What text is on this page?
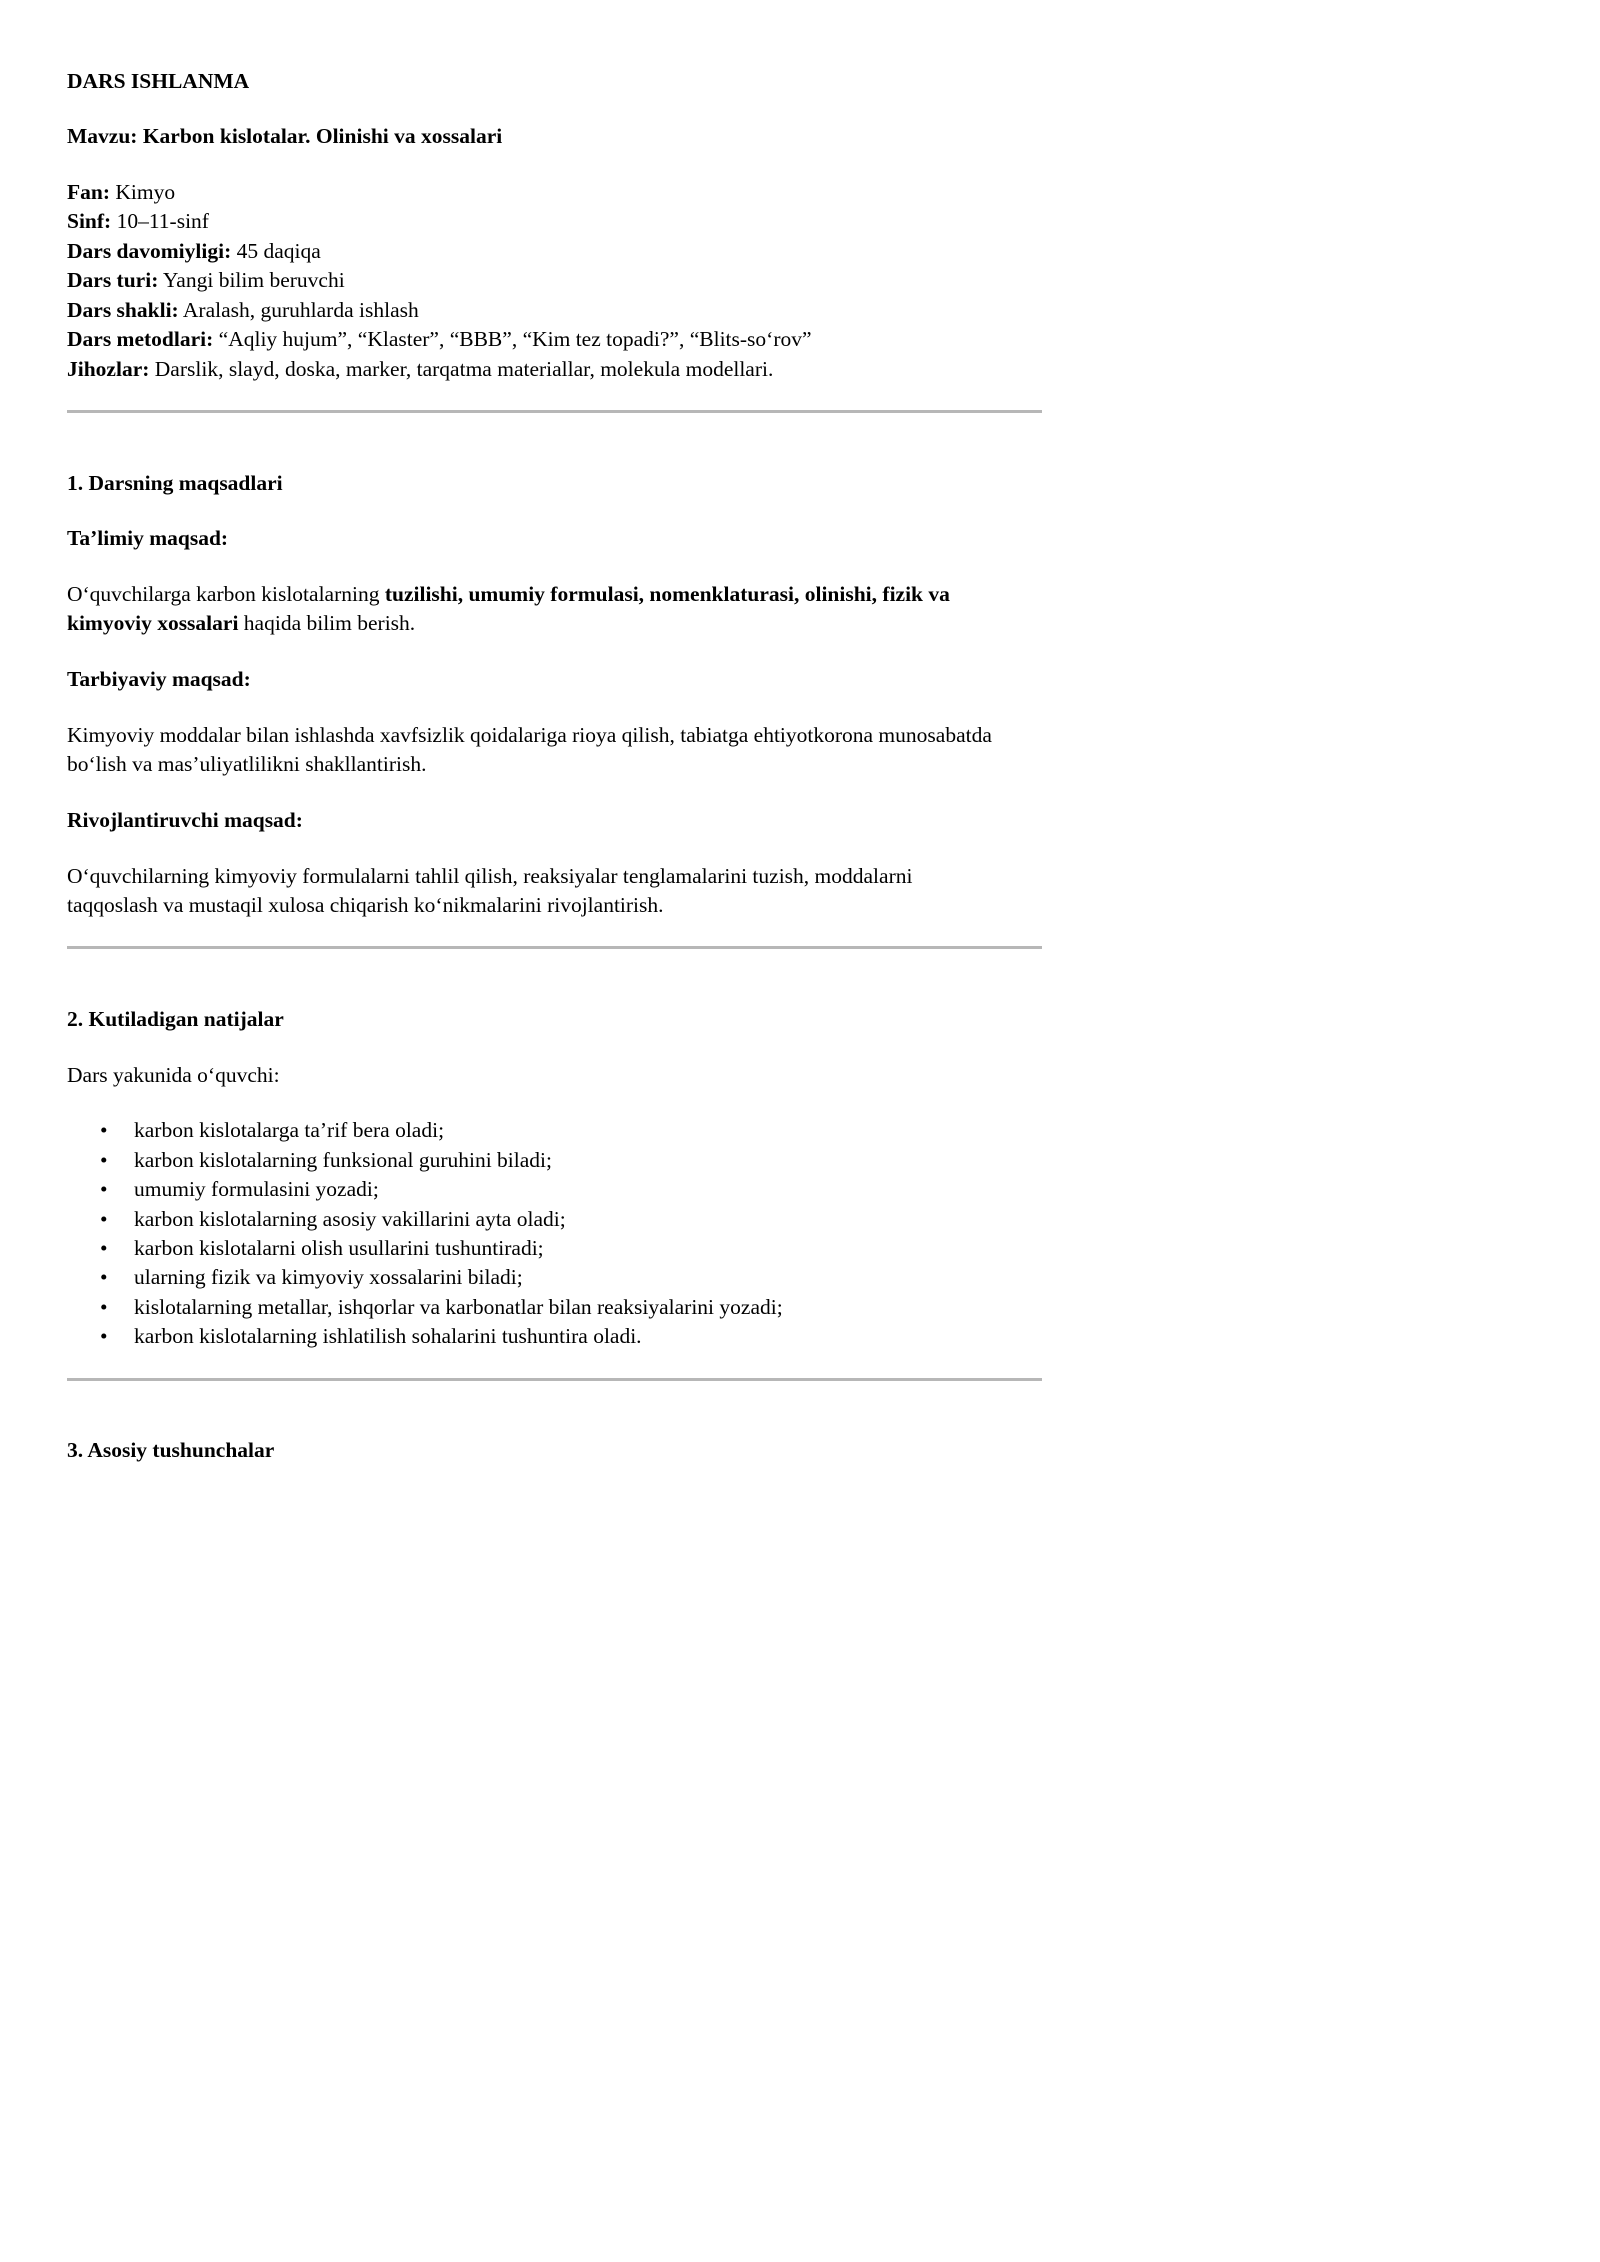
DARS ISHLANMA
Mavzu: Karbon kislotalar. Olinishi va xossalari
Fan: Kimyo
Sinf: 10–11-sinf
Dars davomiyligi: 45 daqiqa
Dars turi: Yangi bilim beruvchi
Dars shakli: Aralash, guruhlarda ishlash
Dars metodlari: “Aqliy hujum”, “Klaster”, “BBB”, “Kim tez topadi?”, “Blits-so‘rov”
Jihozlar: Darslik, slayd, doska, marker, tarqatma materiallar, molekula modellari.
1. Darsning maqsadlari
Ta’limiy maqsad:
O‘quvchilarga karbon kislotalarning tuzilishi, umumiy formulasi, nomenklaturasi, olinishi, fizik va
kimyoviy xossalari haqida bilim berish.
Tarbiyaviy maqsad:
Kimyoviy moddalar bilan ishlashda xavfsizlik qoidalariga rioya qilish, tabiatga ehtiyotkorona munosabatda
bo‘lish va mas’uliyatlilikni shakllantirish.
Rivojlantiruvchi maqsad:
O‘quvchilarning kimyoviy formulalarni tahlil qilish, reaksiyalar tenglamalarini tuzish, moddalarni
taqqoslash va mustaqil xulosa chiqarish ko‘nikmalarini rivojlantirish.
2. Kutiladigan natijalar
Dars yakunida o‘quvchi:
• karbon kislotalarga ta’rif bera oladi;
• karbon kislotalarning funksional guruhini biladi;
• umumiy formulasini yozadi;
• karbon kislotalarning asosiy vakillarini ayta oladi;
• karbon kislotalarni olish usullarini tushuntiradi;
• ularning fizik va kimyoviy xossalarini biladi;
• kislotalarning metallar, ishqorlar va karbonatlar bilan reaksiyalarini yozadi;
• karbon kislotalarning ishlatilish sohalarini tushuntira oladi.
3. Asosiy tushunchalar
